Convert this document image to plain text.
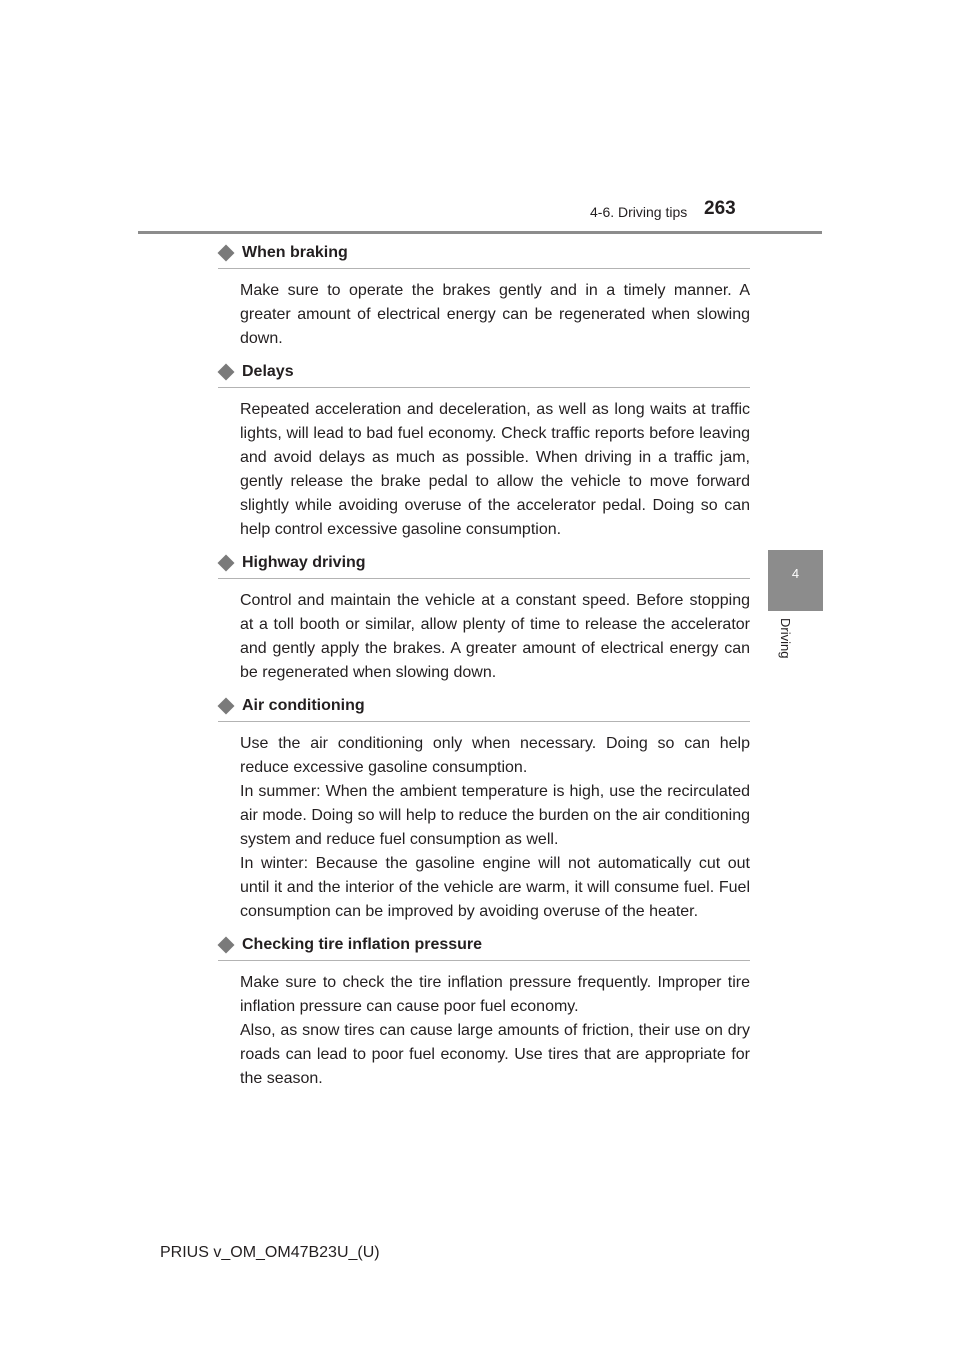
4-6. Driving tips 263
4
Driving
When braking

Make sure to operate the brakes gently and in a timely manner. A greater amount of electrical energy can be regenerated when slowing down.

Delays

Repeated acceleration and deceleration, as well as long waits at traffic lights, will lead to bad fuel economy. Check traffic reports before leaving and avoid delays as much as possible. When driving in a traffic jam, gently release the brake pedal to allow the vehicle to move forward slightly while avoiding overuse of the accelerator pedal. Doing so can help control excessive gasoline consumption.

Highway driving

Control and maintain the vehicle at a constant speed. Before stopping at a toll booth or similar, allow plenty of time to release the accelerator and gently apply the brakes. A greater amount of electrical energy can be regenerated when slowing down.

Air conditioning

Use the air conditioning only when necessary. Doing so can help reduce excessive gasoline consumption.

In summer: When the ambient temperature is high, use the recirculated air mode. Doing so will help to reduce the burden on the air conditioning system and reduce fuel consumption as well.

In winter: Because the gasoline engine will not automatically cut out until it and the interior of the vehicle are warm, it will consume fuel. Fuel consumption can be improved by avoiding overuse of the heater.

Checking tire inflation pressure

Make sure to check the tire inflation pressure frequently. Improper tire inflation pressure can cause poor fuel economy.

Also, as snow tires can cause large amounts of friction, their use on dry roads can lead to poor fuel economy. Use tires that are appropriate for the season.

PRIUS v_OM_OM47B23U_(U)
